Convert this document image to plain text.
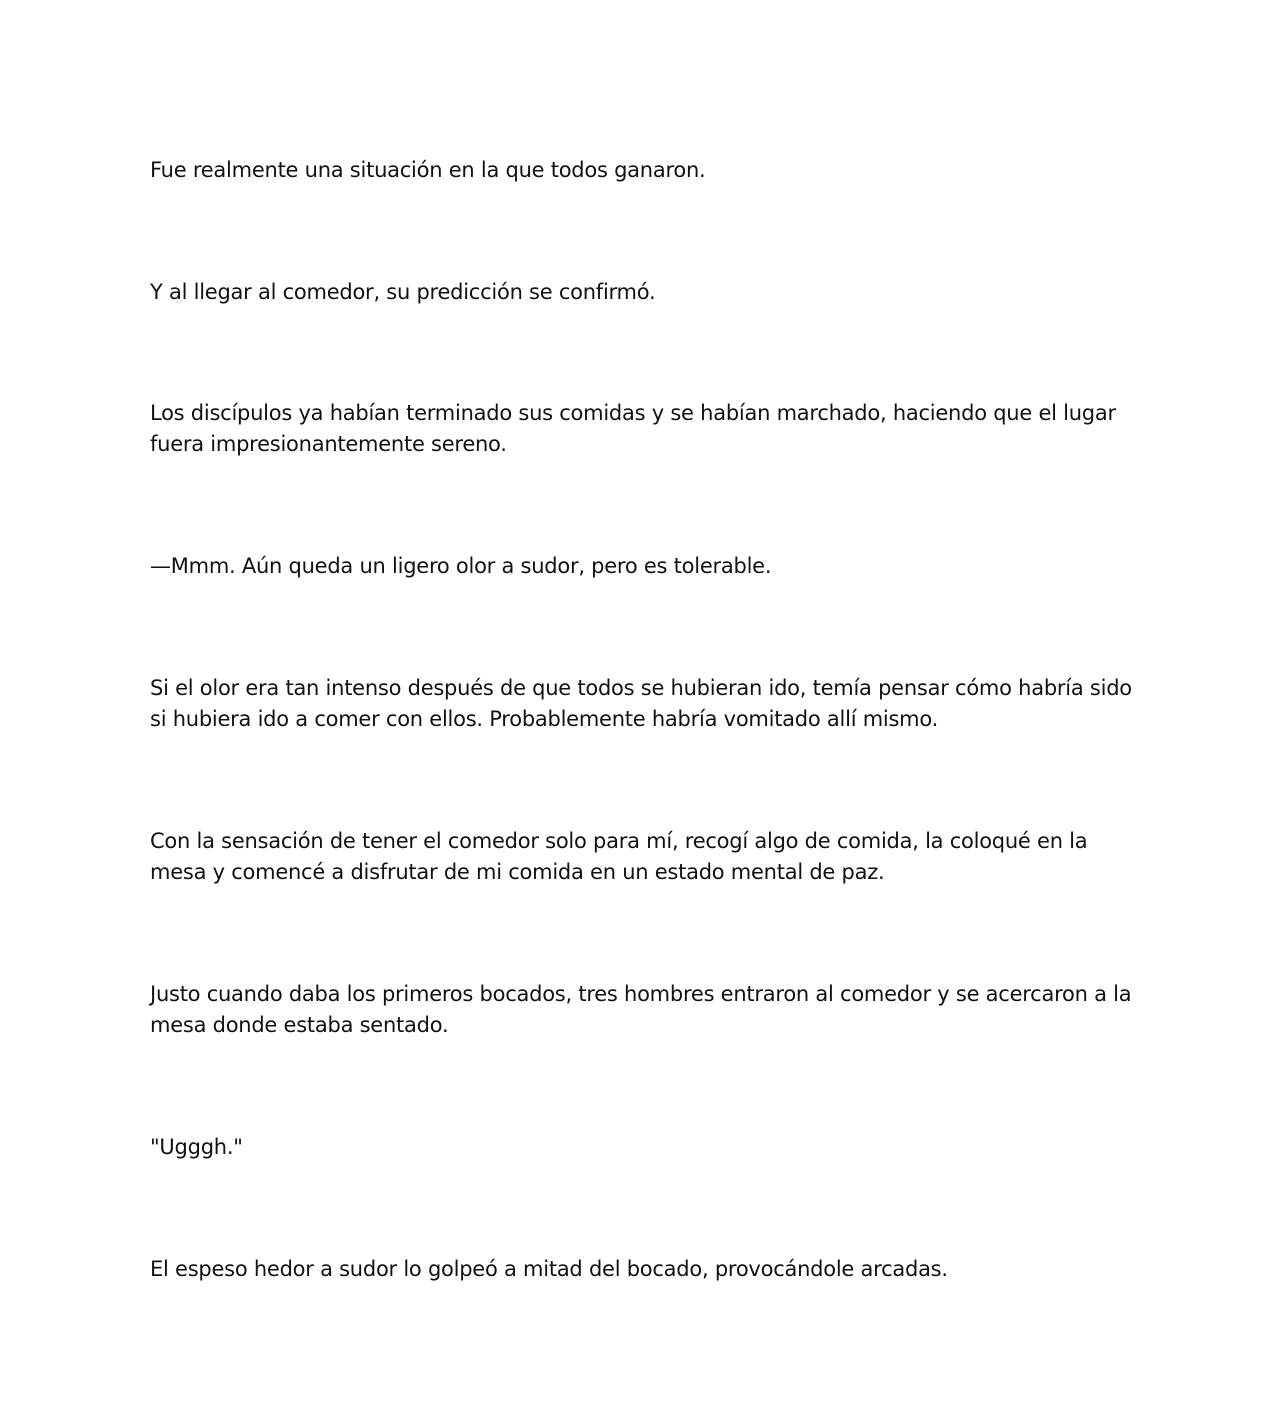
Fue realmente una situación en la que todos ganaron.

Y al llegar al comedor, su predicción se confirmó.

Los discípulos ya habían terminado sus comidas y se habían marchado, haciendo que el lugar fuera impresionantemente sereno.

—Mmm. Aún queda un ligero olor a sudor, pero es tolerable.

Si el olor era tan intenso después de que todos se hubieran ido, temía pensar cómo habría sido si hubiera ido a comer con ellos. Probablemente habría vomitado allí mismo.

Con la sensación de tener el comedor solo para mí, recogí algo de comida, la coloqué en la mesa y comencé a disfrutar de mi comida en un estado mental de paz.

Justo cuando daba los primeros bocados, tres hombres entraron al comedor y se acercaron a la mesa donde estaba sentado.

"Ugggh."

El espeso hedor a sudor lo golpeó a mitad del bocado, provocándole arcadas.
